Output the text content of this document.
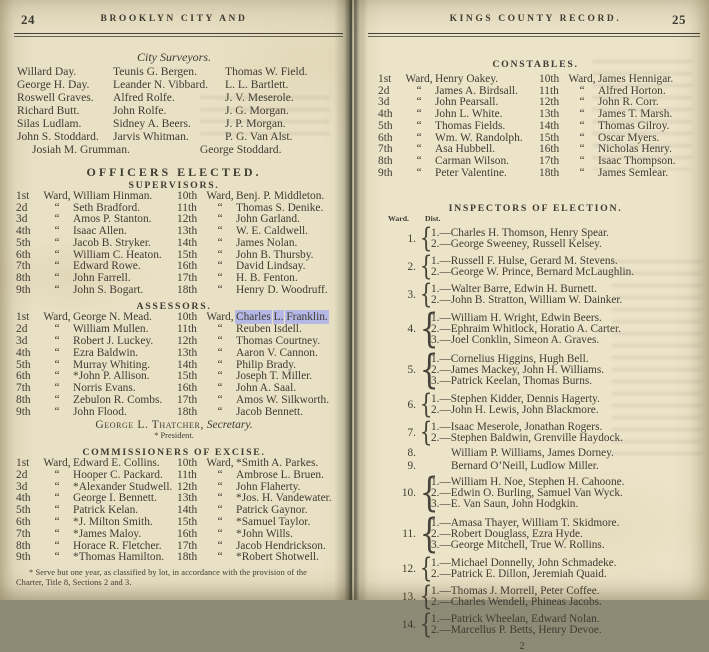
24	BROOKLYN CITY AND
City Surveyors.
Willard Day.	Teunis G. Bergen.	Thomas W. Field.
George H. Day.	Leander N. Vibbard.	L. L. Bartlett.
Roswell Graves.	Alfred Rolfe.	J. V. Meserole.
Richard Butt.	John Rolfe.	J. G. Morgan.
Silas Ludlam.	Sidney A. Beers.	J. P. Morgan.
John S. Stoddard.	Jarvis Whitman.	P. G. Van Alst.
Josiah M. Grumman.	George Stoddard.
OFFICERS ELECTED.
SUPERVISORS.
1st	Ward, William Hinman.	10th Ward, Benj. P. Middleton.
2d	“	Seth Bradford.	11th	“	Thomas S. Denike.
3d	“	Amos P. Stanton.	12th	“	John Garland.
4th	“	Isaac Allen.	13th	“	W. E. Caldwell.
5th	“	Jacob B. Stryker.	14th	“	James Nolan.
6th	“	William C. Heaton.	15th	“	John B. Thursby.
7th	“	Edward Rowe.	16th	“	David Lindsay.
8th	“	John Farrell.	17th	“	H. B. Fenton.
9th	“	John S. Bogart.	18th	“	Henry D. Woodruff.
ASSESSORS.
1st	Ward, George N. Mead.	10th Ward, Charles L. Franklin.
2d	“	William Mullen.	11th	“	Reuben Isdell.
3d	“	Robert J. Luckey.	12th	“	Thomas Courtney.
4th	“	Ezra Baldwin.	13th	“	Aaron V. Cannon.
5th	“	Murray Whiting.	14th	“	Philip Brady.
6th	“	*John P. Allison.	15th	“	Joseph T. Miller.
7th	“	Norris Evans.	16th	“	John A. Saal.
8th	“	Zebulon R. Combs.	17th	“	Amos W. Silkworth.
9th	“	John Flood.	18th	“	Jacob Bennett.
George L. Thatcher, Secretary.
* President.
COMMISSIONERS OF EXCISE.
1st	Ward, Edward E. Collins.	10th Ward, *Smith A. Parkes.
2d	“	Hooper C. Packard.	11th	“	Ambrose L. Bruen.
3d	“	*Alexander Studwell. 12th	“	John Flaherty.
4th	“	George I. Bennett.	13th	“	*Jos. H. Vandewater.
5th	“	Patrick Kelan.	14th	“	Patrick Gaynor.
6th	“	*J. Milton Smith.	15th	“	*Samuel Taylor.
7th	“	*James Maloy.	16th	“	*John Wills.
8th	“	Horace R. Fletcher.	17th	“	Jacob Hendrickson.
9th	“	*Thomas Hamilton.	18th	“	*Robert Shotwell.
* Serve but one year, as classified by lot, in accordance with the provision of the Charter, Title 8, Sections 2 and 3.
25
KINGS COUNTY RECORD.
CONSTABLES.
1st	Ward, Henry Oakey.	10th Ward, James Hennigar.
2d	“	James A. Birdsall.	11th	“	Alfred Horton.
3d	“	John Pearsall.	12th	“	John R. Corr.
4th	“	John L. White.	13th	“	James T. Marsh.
5th	“	Thomas Fields.	14th	“	Thomas Gilroy.
6th	“	Wm. W. Randolph.	15th	“	Oscar Myers.
7th	“	Asa Hubbell.	16th	“	Nicholas Henry.
8th	“	Carman Wilson.	17th	“	Isaac Thompson.
9th	“	Peter Valentine.	18th	“	James Semlear.
INSPECTORS OF ELECTION.
Ward. Dist.
1. {
1.—Charles H. Thomson, Henry Spear.
2.—George Sweeney, Russell Kelsey.
2. {
1.—Russell F. Hulse, Gerard M. Stevens.
2.—George W. Prince, Bernard McLaughlin.
3. {
1.—Walter Barre, Edwin H. Burnett.
2.—John B. Stratton, William W. Dainker.
4. {
1.—William H. Wright, Edwin Beers.
2.—Ephraim Whitlock, Horatio A. Carter.
3.—Joel Conklin, Simeon A. Graves.
5. {
1.—Cornelius Higgins, Hugh Bell.
2.—James Mackey, John H. Williams.
3.—Patrick Keelan, Thomas Burns.
6. {
1.—Stephen Kidder, Dennis Hagerty.
2.—John H. Lewis, John Blackmore.
7. {
1.—Isaac Meserole, Jonathan Rogers.
2.—Stephen Baldwin, Grenville Haydock.
8.	William P. Williams, James Dorney.
9.	Bernard O’Neill, Ludlow Miller.
10. {
1.—William H. Noe, Stephen H. Cahoone.
2.—Edwin O. Burling, Samuel Van Wyck.
3.—E. Van Saun, John Hodgkin.
11. {
1.—Amasa Thayer, William T. Skidmore.
2.—Robert Douglass, Ezra Hyde.
3.—George Mitchell, True W. Rollins.
12. {
1.—Michael Donnelly, John Schmadeke.
2.—Patrick E. Dillon, Jeremiah Quaid.
13. {
1.—Thomas J. Morrell, Peter Coffee.
2.—Charles Wendell, Phineas Jacobs.
14. {
1.—Patrick Wheelan, Edward Nolan.
2.—Marcellus P. Betts, Henry Devoe.
2
